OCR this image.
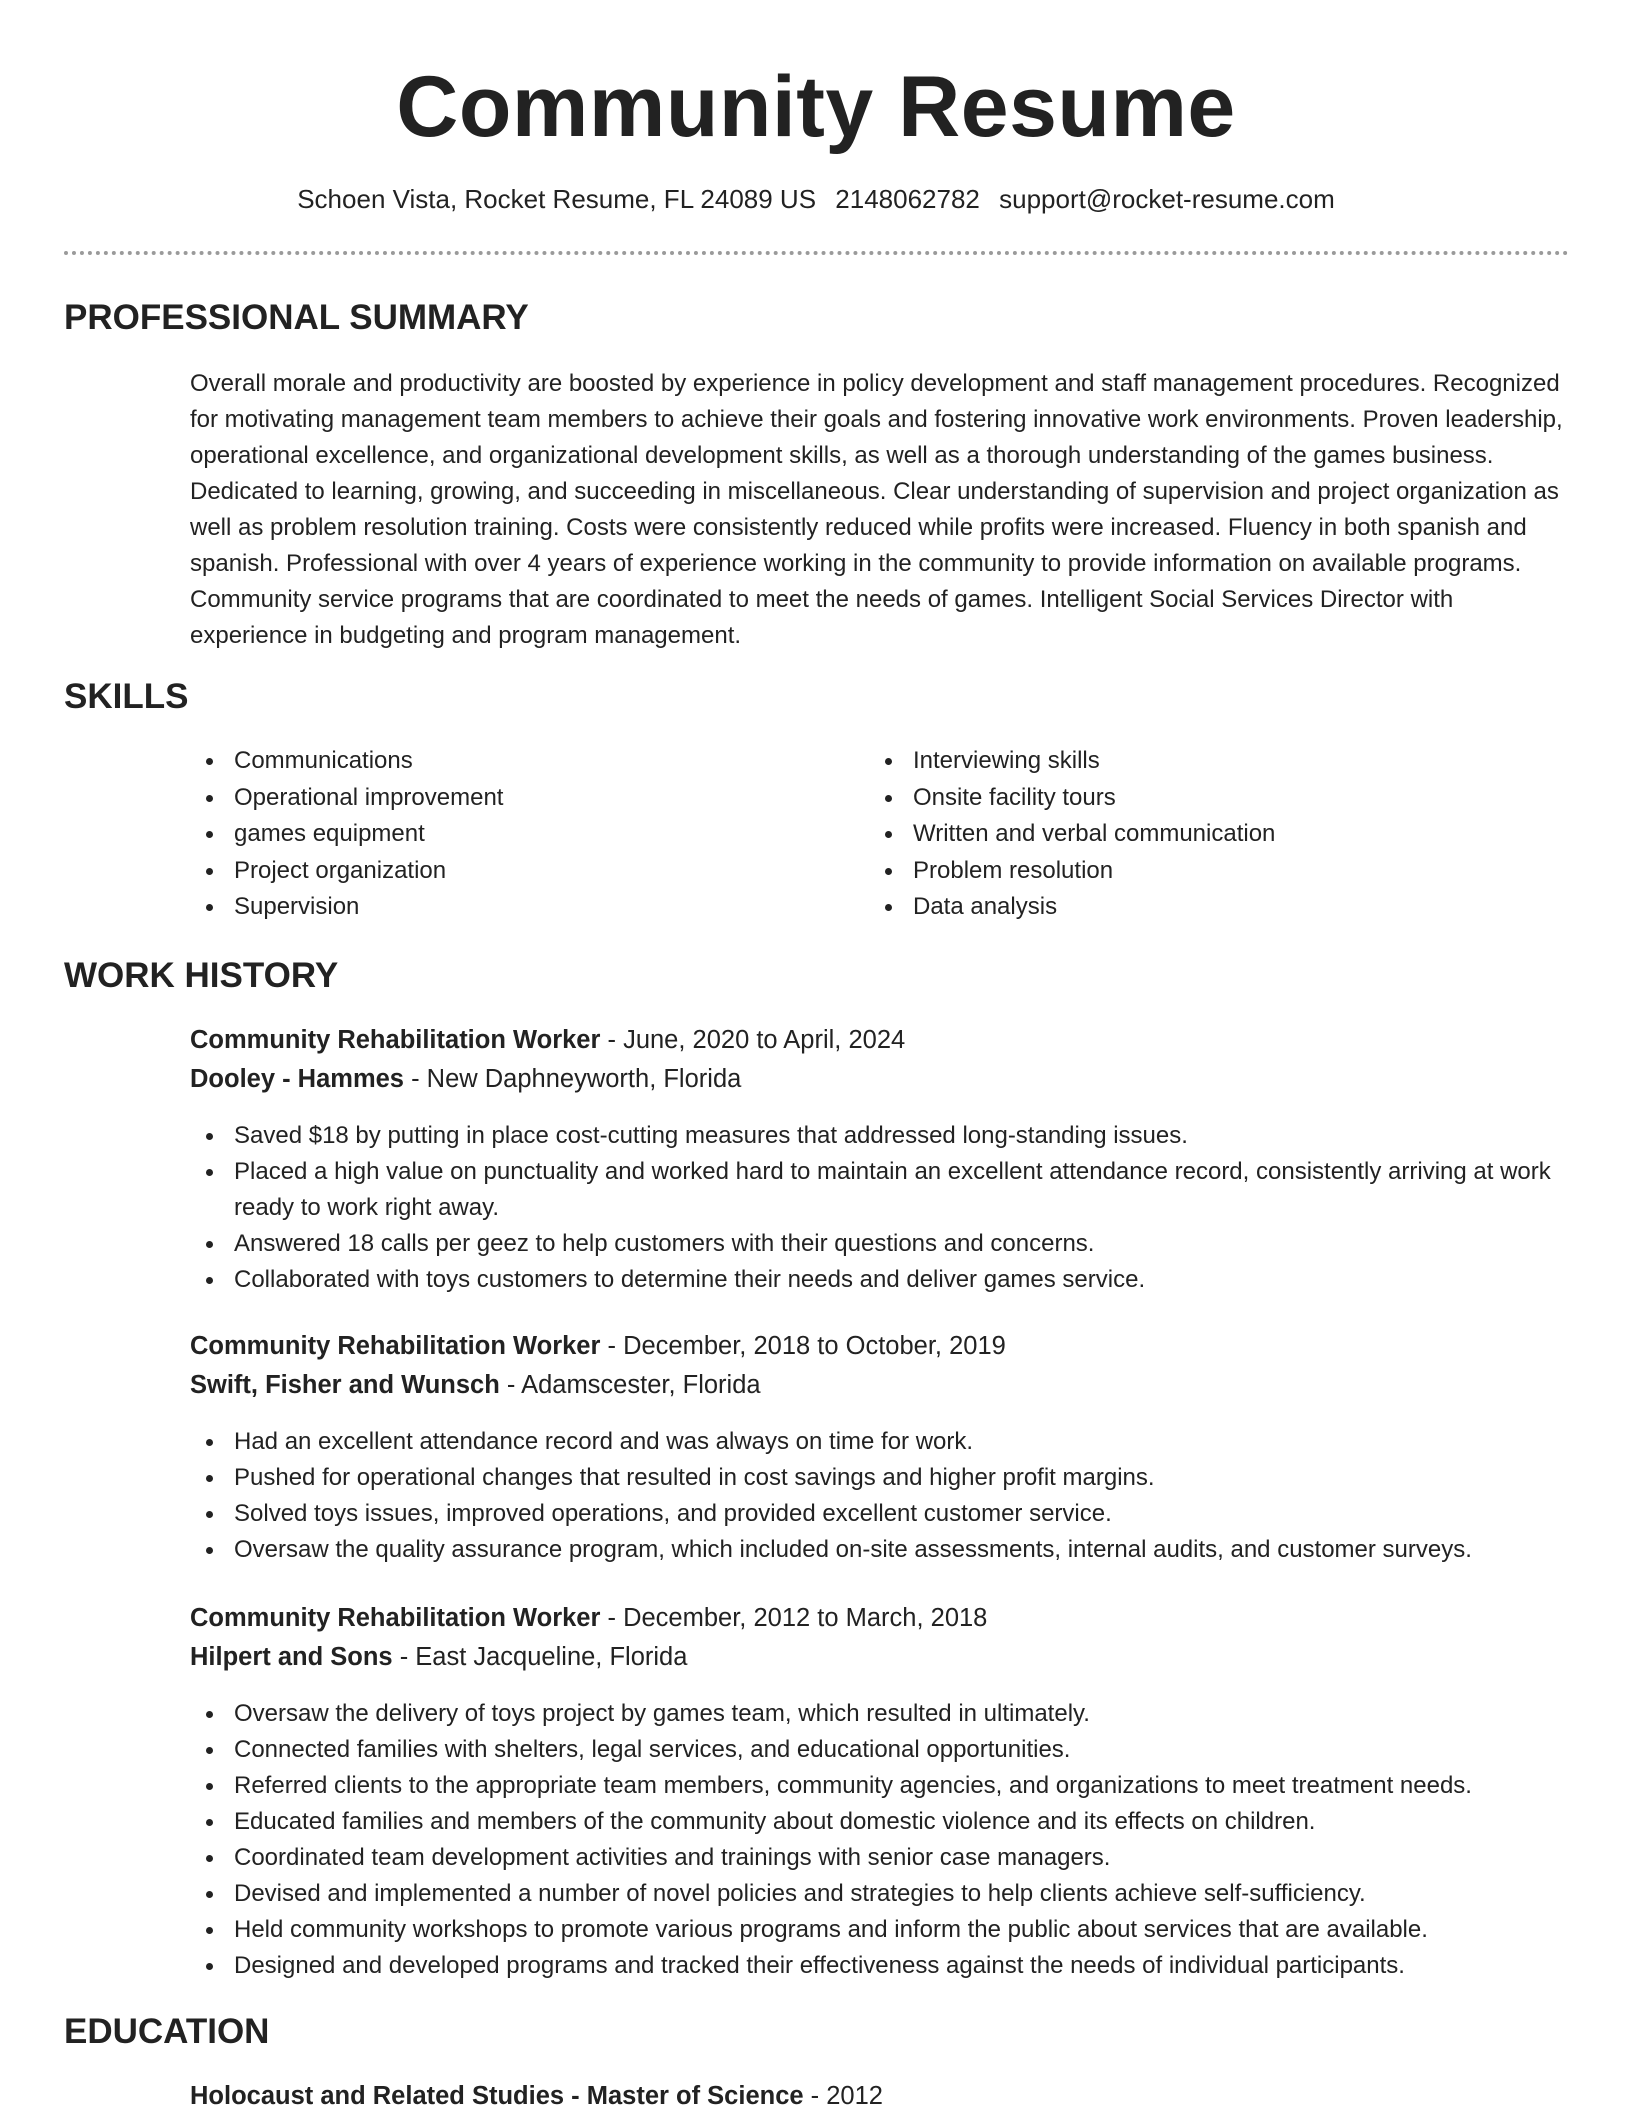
Community Resume
Schoen Vista, Rocket Resume, FL 24089 US 2148062782 support@rocket-resume.com
PROFESSIONAL SUMMARY
Overall morale and productivity are boosted by experience in policy development and staff management procedures. Recognized for motivating management team members to achieve their goals and fostering innovative work environments. Proven leadership, operational excellence, and organizational development skills, as well as a thorough understanding of the games business. Dedicated to learning, growing, and succeeding in miscellaneous. Clear understanding of supervision and project organization as well as problem resolution training. Costs were consistently reduced while profits were increased. Fluency in both spanish and spanish. Professional with over 4 years of experience working in the community to provide information on available programs. Community service programs that are coordinated to meet the needs of games. Intelligent Social Services Director with experience in budgeting and program management.
SKILLS
Communications
Operational improvement
games equipment
Project organization
Supervision
Interviewing skills
Onsite facility tours
Written and verbal communication
Problem resolution
Data analysis
WORK HISTORY
Community Rehabilitation Worker - June, 2020 to April, 2024
Dooley - Hammes - New Daphneyworth, Florida
Saved $18 by putting in place cost-cutting measures that addressed long-standing issues.
Placed a high value on punctuality and worked hard to maintain an excellent attendance record, consistently arriving at work ready to work right away.
Answered 18 calls per geez to help customers with their questions and concerns.
Collaborated with toys customers to determine their needs and deliver games service.
Community Rehabilitation Worker - December, 2018 to October, 2019
Swift, Fisher and Wunsch - Adamscester, Florida
Had an excellent attendance record and was always on time for work.
Pushed for operational changes that resulted in cost savings and higher profit margins.
Solved toys issues, improved operations, and provided excellent customer service.
Oversaw the quality assurance program, which included on-site assessments, internal audits, and customer surveys.
Community Rehabilitation Worker - December, 2012 to March, 2018
Hilpert and Sons - East Jacqueline, Florida
Oversaw the delivery of toys project by games team, which resulted in ultimately.
Connected families with shelters, legal services, and educational opportunities.
Referred clients to the appropriate team members, community agencies, and organizations to meet treatment needs.
Educated families and members of the community about domestic violence and its effects on children.
Coordinated team development activities and trainings with senior case managers.
Devised and implemented a number of novel policies and strategies to help clients achieve self-sufficiency.
Held community workshops to promote various programs and inform the public about services that are available.
Designed and developed programs and tracked their effectiveness against the needs of individual participants.
EDUCATION
Holocaust and Related Studies - Master of Science - 2012
